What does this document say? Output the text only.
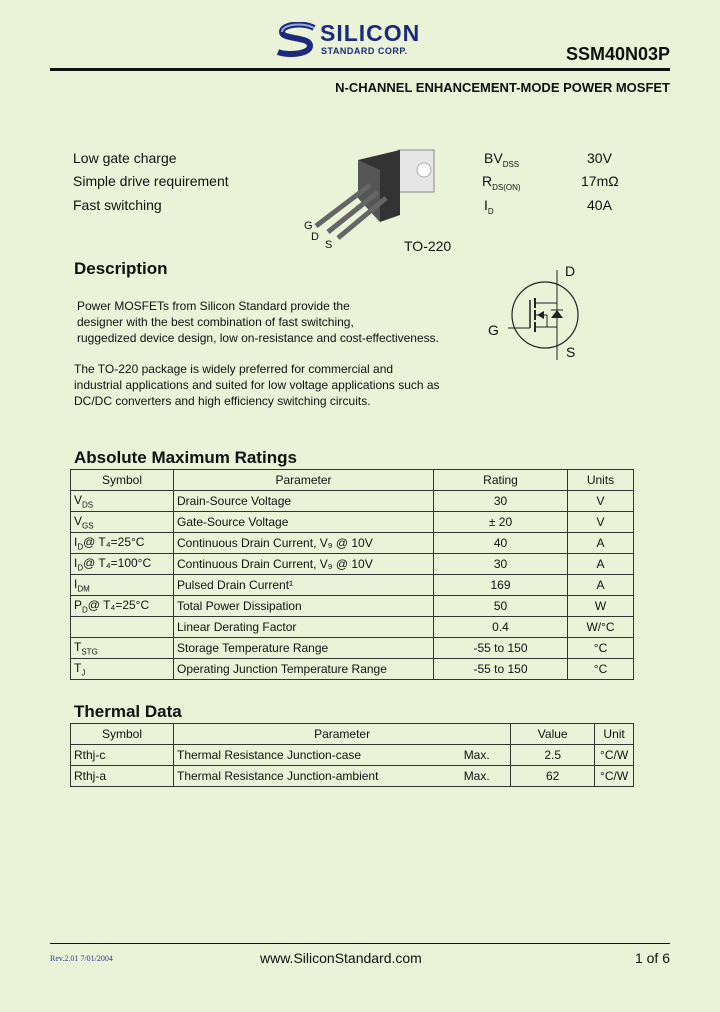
SILICON
STANDARD CORP.	SSM40N03P
N-CHANNEL ENHANCEMENT-MODE POWER MOSFET
Low gate charge
Simple drive requirement
Fast switching
G
D
S	TO-220
$BV_{DSS}$	30V
$R_{DS(ON)}$	17mΩ
$I_D$	40A
Description
Power MOSFETs from Silicon Standard provide the
designer with the best combination of fast switching,
ruggedized device design, low on-resistance and cost-effectiveness.
The TO-220 package is widely preferred for commercial and
industrial applications and suited for low voltage applications such as
DC/DC converters and high efficiency switching circuits.
D
G
S
Absolute Maximum Ratings
Symbol	Parameter	Rating	Units
$V_{DS}$	Drain-Source Voltage	30	V
$V_{GS}$	Gate-Source Voltage	± 20	V
$I_D@$ T₄=25°C	Continuous Drain Current, V₉ @ 10V	40	A
$I_D@$ T₄=100°C	Continuous Drain Current, V₉ @ 10V	30	A
$I_{DM}$	Pulsed Drain Current¹	169	A
$P_D@$ T₄=25°C	Total Power Dissipation	50	W
	Linear Derating Factor	0.4	W/°C
$T_{STG}$	Storage Temperature Range	-55 to 150	°C
$T_J$	Operating Junction Temperature Range	-55 to 150	°C
Thermal Data
Symbol	Parameter		Value	Unit
Rthj-c	Thermal Resistance Junction-case	Max.	2.5	°C/W
Rthj-a	Thermal Resistance Junction-ambient	Max.	62	°C/W
Rev.2.01 7/01/2004	www.SiliconStandard.com	1 of 6
